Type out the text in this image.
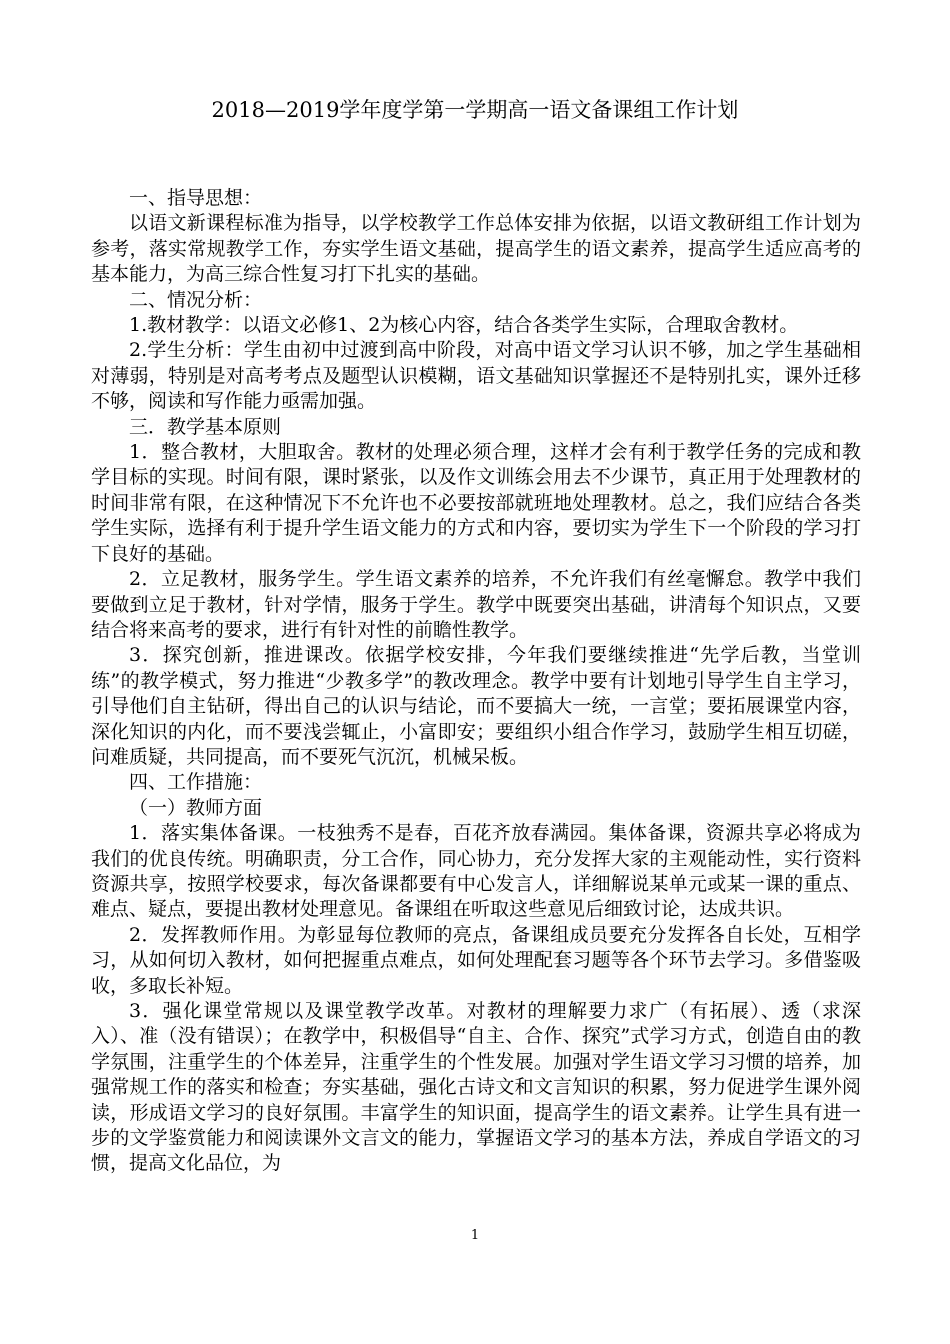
2018—2019学年度学第一学期高一语文备课组工作计划

一、指导思想：

以语文新课程标准为指导，以学校教学工作总体安排为依据，以语文教研组工作计划为参考，落实常规教学工作，夯实学生语文基础，提高学生的语文素养，提高学生适应高考的基本能力，为高三综合性复习打下扎实的基础。

二、情况分析：

1.教材教学：以语文必修1、2为核心内容，结合各类学生实际，合理取舍教材。

2.学生分析：学生由初中过渡到高中阶段，对高中语文学习认识不够，加之学生基础相对薄弱，特别是对高考考点及题型认识模糊，语文基础知识掌握还不是特别扎实，课外迁移不够，阅读和写作能力亟需加强。

三．教学基本原则

1．整合教材，大胆取舍。教材的处理必须合理，这样才会有利于教学任务的完成和教学目标的实现。时间有限，课时紧张，以及作文训练会用去不少课节，真正用于处理教材的时间非常有限，在这种情况下不允许也不必要按部就班地处理教材。总之，我们应结合各类学生实际，选择有利于提升学生语文能力的方式和内容，要切实为学生下一个阶段的学习打下良好的基础。

2．立足教材，服务学生。学生语文素养的培养，不允许我们有丝毫懈怠。教学中我们要做到立足于教材，针对学情，服务于学生。教学中既要突出基础，讲清每个知识点，又要结合将来高考的要求，进行有针对性的前瞻性教学。

3．探究创新，推进课改。依据学校安排，今年我们要继续推进“先学后教，当堂训练”的教学模式，努力推进“少教多学”的教改理念。教学中要有计划地引导学生自主学习，引导他们自主钻研，得出自己的认识与结论，而不要搞大一统，一言堂；要拓展课堂内容，深化知识的内化，而不要浅尝辄止，小富即安；要组织小组合作学习，鼓励学生相互切磋，问难质疑，共同提高，而不要死气沉沉，机械呆板。

四、工作措施：

（一）教师方面

1．落实集体备课。一枝独秀不是春，百花齐放春满园。集体备课，资源共享必将成为我们的优良传统。明确职责，分工合作，同心协力，充分发挥大家的主观能动性，实行资料资源共享，按照学校要求，每次备课都要有中心发言人，详细解说某单元或某一课的重点、难点、疑点，要提出教材处理意见。备课组在听取这些意见后细致讨论，达成共识。

2．发挥教师作用。为彰显每位教师的亮点，备课组成员要充分发挥各自长处，互相学习，从如何切入教材，如何把握重点难点，如何处理配套习题等各个环节去学习。多借鉴吸收，多取长补短。

3．强化课堂常规以及课堂教学改革。对教材的理解要力求广（有拓展）、透（求深入）、准（没有错误）；在教学中，积极倡导“自主、合作、探究”式学习方式，创造自由的教学氛围，注重学生的个体差异，注重学生的个性发展。加强对学生语文学习习惯的培养，加强常规工作的落实和检查；夯实基础，强化古诗文和文言知识的积累，努力促进学生课外阅读，形成语文学习的良好氛围。丰富学生的知识面，提高学生的语文素养。让学生具有进一步的文学鉴赏能力和阅读课外文言文的能力，掌握语文学习的基本方法，养成自学语文的习惯，提高文化品位，为

1
